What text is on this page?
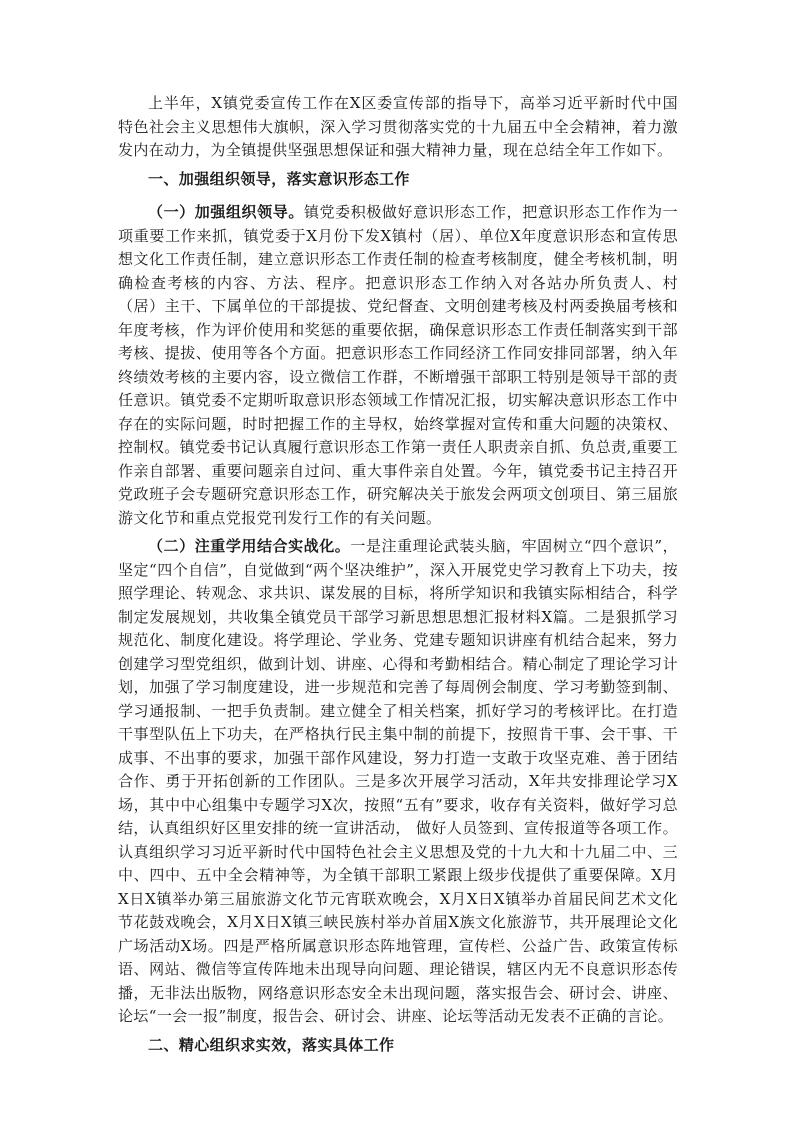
上半年，X镇党委宣传工作在X区委宣传部的指导下，高举习近平新时代中国特色社会主义思想伟大旗帜，深入学习贯彻落实党的十九届五中全会精神，着力激发内在动力，为全镇提供坚强思想保证和强大精神力量，现在总结全年工作如下。

一、加强组织领导，落实意识形态工作

（一）加强组织领导。镇党委积极做好意识形态工作，把意识形态工作作为一项重要工作来抓，镇党委于X月份下发X镇村（居）、单位X年度意识形态和宣传思想文化工作责任制，建立意识形态工作责任制的检查考核制度，健全考核机制，明确检查考核的内容、方法、程序。把意识形态工作纳入对各站办所负责人、村（居）主干、下属单位的干部提拔、党纪督查、文明创建考核及村两委换届考核和年度考核，作为评价使用和奖惩的重要依据，确保意识形态工作责任制落实到干部考核、提拔、使用等各个方面。把意识形态工作同经济工作同安排同部署，纳入年终绩效考核的主要内容，设立微信工作群，不断增强干部职工特别是领导干部的责任意识。镇党委不定期听取意识形态领域工作情况汇报，切实解决意识形态工作中存在的实际问题，时时把握工作的主导权，始终掌握对宣传和重大问题的决策权、控制权。镇党委书记认真履行意识形态工作第一责任人职责亲自抓、负总责,重要工作亲自部署、重要问题亲自过问、重大事件亲自处置。今年，镇党委书记主持召开党政班子会专题研究意识形态工作，研究解决关于旅发会两项文创项目、第三届旅游文化节和重点党报党刊发行工作的有关问题。

（二）注重学用结合实战化。一是注重理论武装头脑，牢固树立“四个意识”，坚定“四个自信”，自觉做到“两个坚决维护”，深入开展党史学习教育上下功夫，按照学理论、转观念、求共识、谋发展的目标，将所学知识和我镇实际相结合，科学制定发展规划，共收集全镇党员干部学习新思想思想汇报材料X篇。二是狠抓学习规范化、制度化建设。将学理论、学业务、党建专题知识讲座有机结合起来，努力创建学习型党组织，做到计划、讲座、心得和考勤相结合。精心制定了理论学习计划，加强了学习制度建设，进一步规范和完善了每周例会制度、学习考勤签到制、学习通报制、一把手负责制。建立健全了相关档案，抓好学习的考核评比。在打造干事型队伍上下功夫，在严格执行民主集中制的前提下，按照肯干事、会干事、干成事、不出事的要求，加强干部作风建设，努力打造一支敢于攻坚克难、善于团结合作、勇于开拓创新的工作团队。三是多次开展学习活动，X年共安排理论学习X场，其中中心组集中专题学习X次，按照“五有”要求，收存有关资料，做好学习总结，认真组织好区里安排的统一宣讲活动， 做好人员签到、宣传报道等各项工作。认真组织学习习近平新时代中国特色社会主义思想及党的十九大和十九届二中、三中、四中、五中全会精神等，为全镇干部职工紧跟上级步伐提供了重要保障。X月X日X镇举办第三届旅游文化节元宵联欢晚会，X月X日X镇举办首届民间艺术文化节花鼓戏晚会，X月X日X镇三峡民族村举办首届X族文化旅游节，共开展理论文化广场活动X场。四是严格所属意识形态阵地管理，宣传栏、公益广告、政策宣传标语、网站、微信等宣传阵地未出现导向问题、理论错误，辖区内无不良意识形态传播，无非法出版物，网络意识形态安全未出现问题，落实报告会、研讨会、讲座、论坛“一会一报”制度，报告会、研讨会、讲座、论坛等活动无发表不正确的言论。

二、精心组织求实效，落实具体工作
